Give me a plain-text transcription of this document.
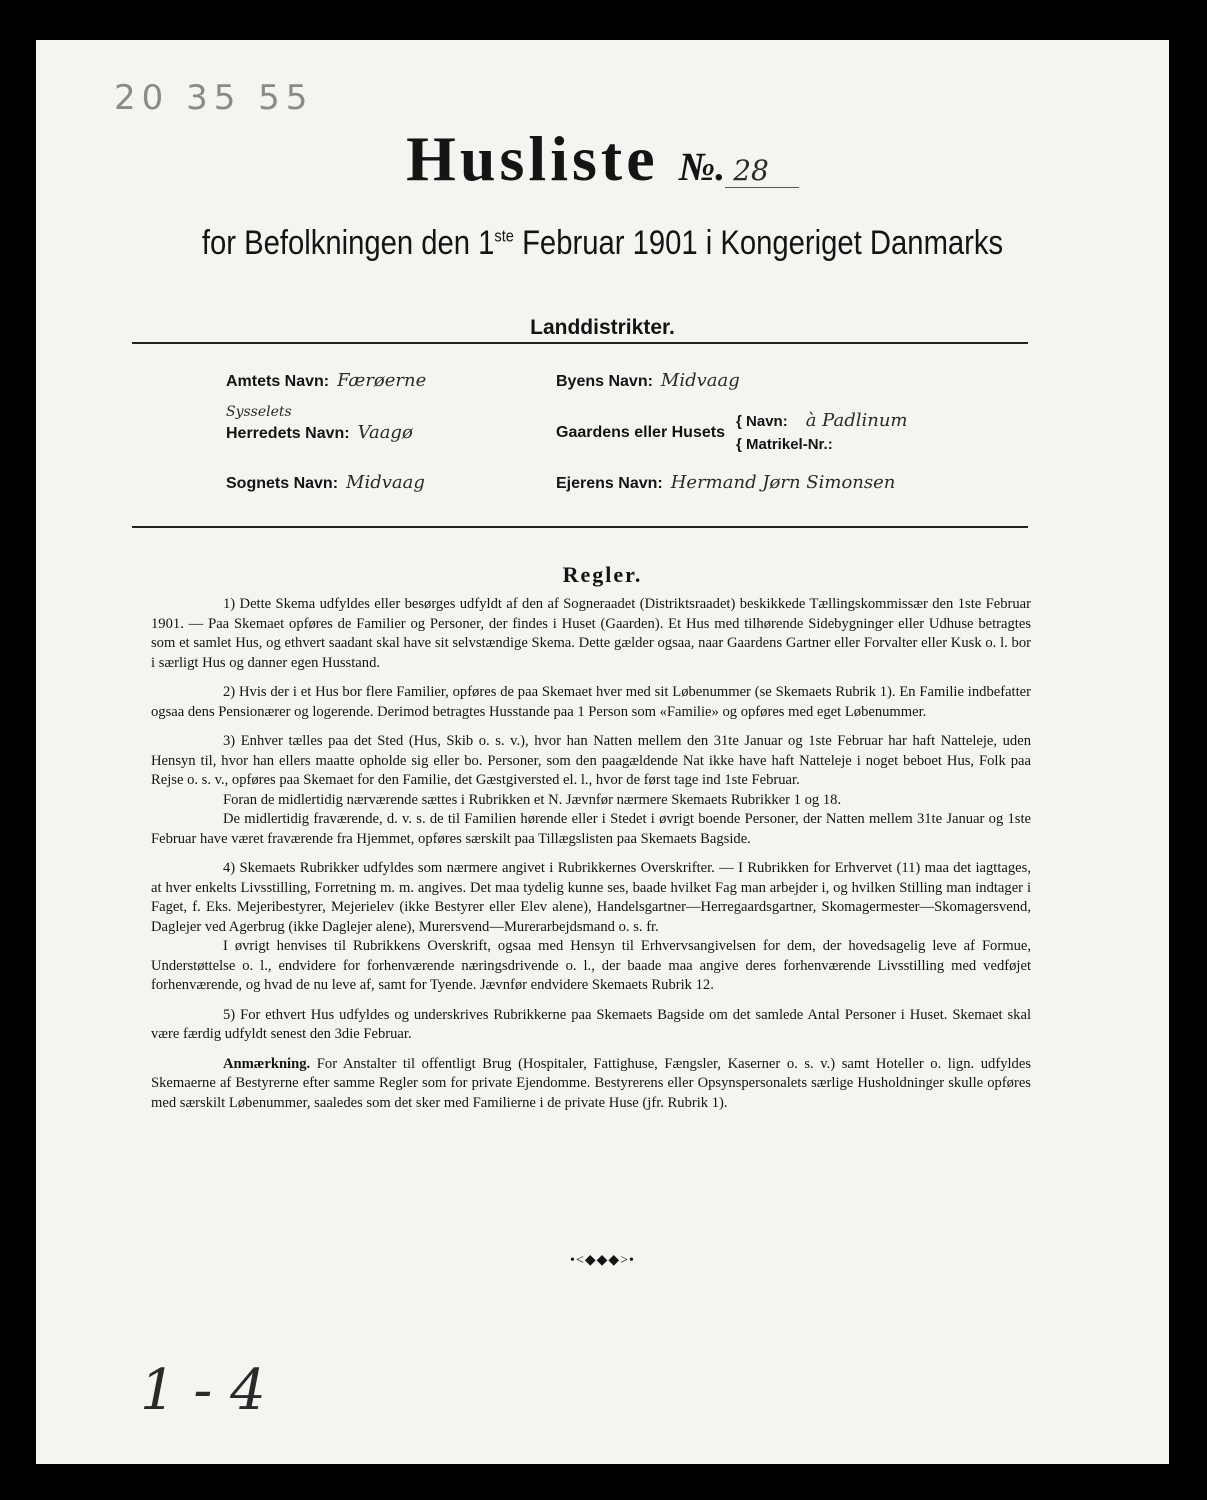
20 35 55
Husliste №. 28
for Befolkningen den 1ste Februar 1901 i Kongeriget Danmarks
Landdistrikter.
Amtets Navn: Færøerne	Byens Navn: Midvaag
Sysselets
Herredets Navn: Vaagø	Gaardens eller Husets
{ Navn: à Padlinum
{ Matrikel-Nr.:
Sognets Navn: Midvaag	Ejerens Navn: Hermand Jørn Simonsen
Regler.

1) Dette Skema udfyldes eller besørges udfyldt af den af Sogneraadet (Distriktsraadet) beskikkede Tællingskommissær den 1ste Februar 1901. — Paa Skemaet opføres de Familier og Personer, der findes i Huset (Gaarden). Et Hus med tilhørende Sidebygninger eller Udhuse betragtes som et samlet Hus, og ethvert saadant skal have sit selvstændige Skema. Dette gælder ogsaa, naar Gaardens Gartner eller Forvalter eller Kusk o. l. bor i særligt Hus og danner egen Husstand.

2) Hvis der i et Hus bor flere Familier, opføres de paa Skemaet hver med sit Løbenummer (se Skemaets Rubrik 1). En Familie indbefatter ogsaa dens Pensionærer og logerende. Derimod betragtes Husstande paa 1 Person som «Familie» og opføres med eget Løbenummer.

3) Enhver tælles paa det Sted (Hus, Skib o. s. v.), hvor han Natten mellem den 31te Januar og 1ste Februar har haft Natteleje, uden Hensyn til, hvor han ellers maatte opholde sig eller bo. Personer, som den paagældende Nat ikke have haft Natteleje i noget beboet Hus, Folk paa Rejse o. s. v., opføres paa Skemaet for den Familie, det Gæstgiversted el. l., hvor de først tage ind 1ste Februar.

Foran de midlertidig nærværende sættes i Rubrikken et N. Jævnfør nærmere Skemaets Rubrikker 1 og 18.

De midlertidig fraværende, d. v. s. de til Familien hørende eller i Stedet i øvrigt boende Personer, der Natten mellem 31te Januar og 1ste Februar have været fraværende fra Hjemmet, opføres særskilt paa Tillægslisten paa Skemaets Bagside.

4) Skemaets Rubrikker udfyldes som nærmere angivet i Rubrikkernes Overskrifter. — I Rubrikken for Erhvervet (11) maa det iagttages, at hver enkelts Livsstilling, Forretning m. m. angives. Det maa tydelig kunne ses, baade hvilket Fag man arbejder i, og hvilken Stilling man indtager i Faget, f. Eks. Mejeribestyrer, Mejerielev (ikke Bestyrer eller Elev alene), Handelsgartner—Herregaardsgartner, Skomagermester—Skomagersvend, Daglejer ved Agerbrug (ikke Daglejer alene), Murersvend—Murerarbejdsmand o. s. fr.

I øvrigt henvises til Rubrikkens Overskrift, ogsaa med Hensyn til Erhvervsangivelsen for dem, der hovedsagelig leve af Formue, Understøttelse o. l., endvidere for forhenværende næringsdrivende o. l., der baade maa angive deres forhenværende Livsstilling med vedføjet forhenværende, og hvad de nu leve af, samt for Tyende. Jævnfør endvidere Skemaets Rubrik 12.

5) For ethvert Hus udfyldes og underskrives Rubrikkerne paa Skemaets Bagside om det samlede Antal Personer i Huset. Skemaet skal være færdig udfyldt senest den 3die Februar.

Anmærkning. For Anstalter til offentligt Brug (Hospitaler, Fattighuse, Fængsler, Kaserner o. s. v.) samt Hoteller o. lign. udfyldes Skemaerne af Bestyrerne efter samme Regler som for private Ejendomme. Bestyrerens eller Opsynspersonalets særlige Husholdninger skulle opføres med særskilt Løbenummer, saaledes som det sker med Familierne i de private Huse (jfr. Rubrik 1).

•<◆◆◆>•
1 - 4
